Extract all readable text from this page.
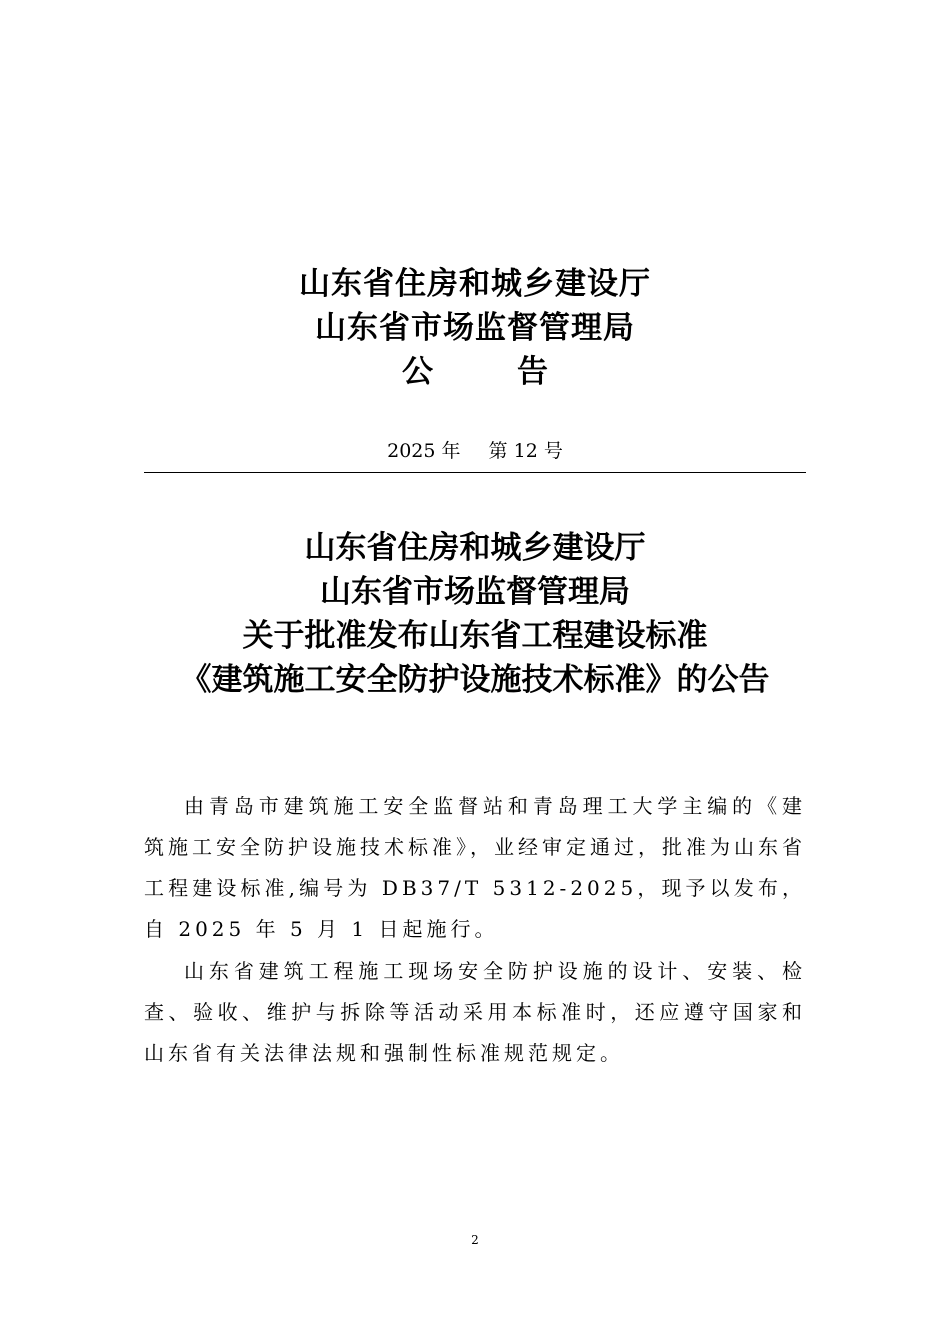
山东省住房和城乡建设厅
山东省市场监督管理局
公	告
2025 年 第 12 号
山东省住房和城乡建设厅
山东省市场监督管理局
关于批准发布山东省工程建设标准
《建筑施工安全防护设施技术标准》的公告

由青岛市建筑施工安全监督站和青岛理工大学主编的《建筑施工安全防护设施技术标准》，业经审定通过，批准为山东省工程建设标准,编号为 DB37/T 5312-2025，现予以发布， 自 2025 年 5 月 1 日起施行。

山东省建筑工程施工现场安全防护设施的设计、安装、检查、验收、维护与拆除等活动采用本标准时，还应遵守国家和山东省有关法律法规和强制性标准规范规定。

2
